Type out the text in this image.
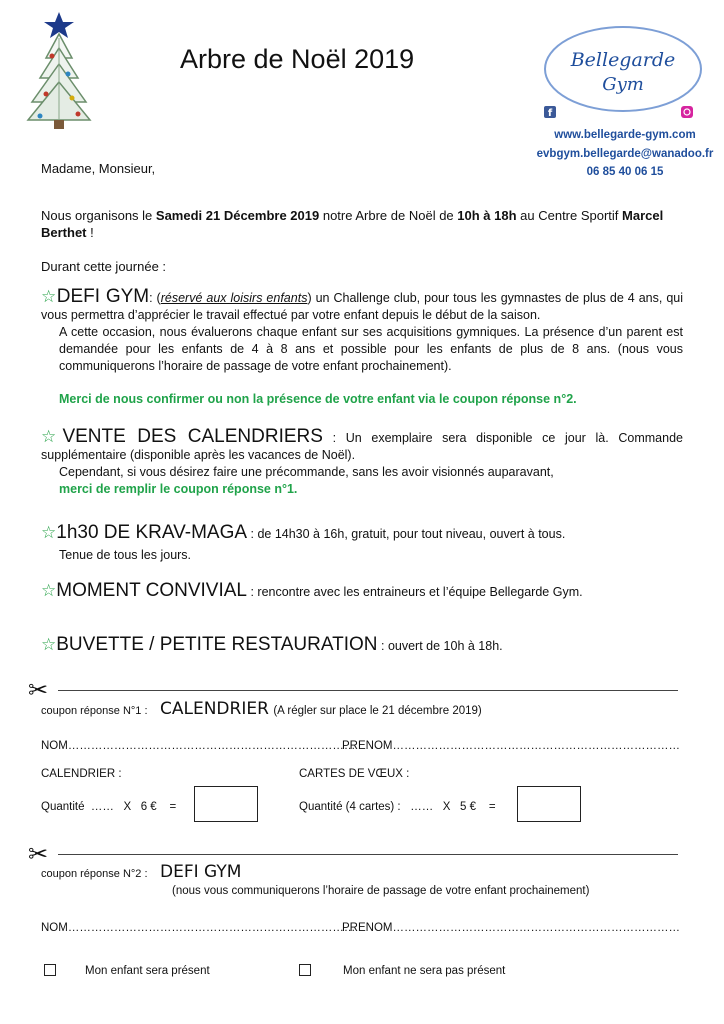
Arbre de Noël 2019	Bellegarde
Gym
f
www.bellegarde-gym.com
evbgym.bellegarde@wanadoo.fr
06 85 40 06 15
Madame, Monsieur,
Nous organisons le Samedi 21 Décembre 2019 notre Arbre de Noël de 10h à 18h au Centre Sportif Marcel Berthet !
Durant cette journée :
☆DEFI GYM: (réservé aux loisirs enfants) un Challenge club, pour tous les gymnastes de plus de 4 ans, qui vous permettra d’apprécier le travail effectué par votre enfant depuis le début de la saison.
A cette occasion, nous évaluerons chaque enfant sur ses acquisitions gymniques. La présence d’un parent est demandée pour les enfants de 4 à 8 ans et possible pour les enfants de plus de 8 ans. (nous vous communiquerons l’horaire de passage de votre enfant prochainement).
Merci de nous confirmer ou non la présence de votre enfant via le coupon réponse n°2.
☆VENTE DES CALENDRIERS : Un exemplaire sera disponible ce jour là. Commande supplémentaire (disponible après les vacances de Noël).
Cependant, si vous désirez faire une précommande, sans les avoir visionnés auparavant,
merci de remplir le coupon réponse n°1.
☆1h30 DE KRAV-MAGA : de 14h30 à 16h, gratuit, pour tout niveau, ouvert à tous.
Tenue de tous les jours.
☆MOMENT CONVIVIAL : rencontre avec les entraineurs et l’équipe Bellegarde Gym.
☆BUVETTE / PETITE RESTAURATION : ouvert de 10h à 18h.
✂
coupon réponse N°1 : CALENDRIER (A régler sur place le 21 décembre 2019)
NOM…………………………………………………………………
PRENOM…………………………………………………………………
CALENDRIER :	CARTES DE VŒUX :
Quantité  ……   X   6 €    =	Quantité (4 cartes) :   ……   X   5 €    =
✂
coupon réponse N°2 : DEFI GYM
(nous vous communiquerons l’horaire de passage de votre enfant prochainement)
NOM…………………………………………………………………
PRENOM…………………………………………………………………
Mon enfant sera présent	Mon enfant ne sera pas présent
